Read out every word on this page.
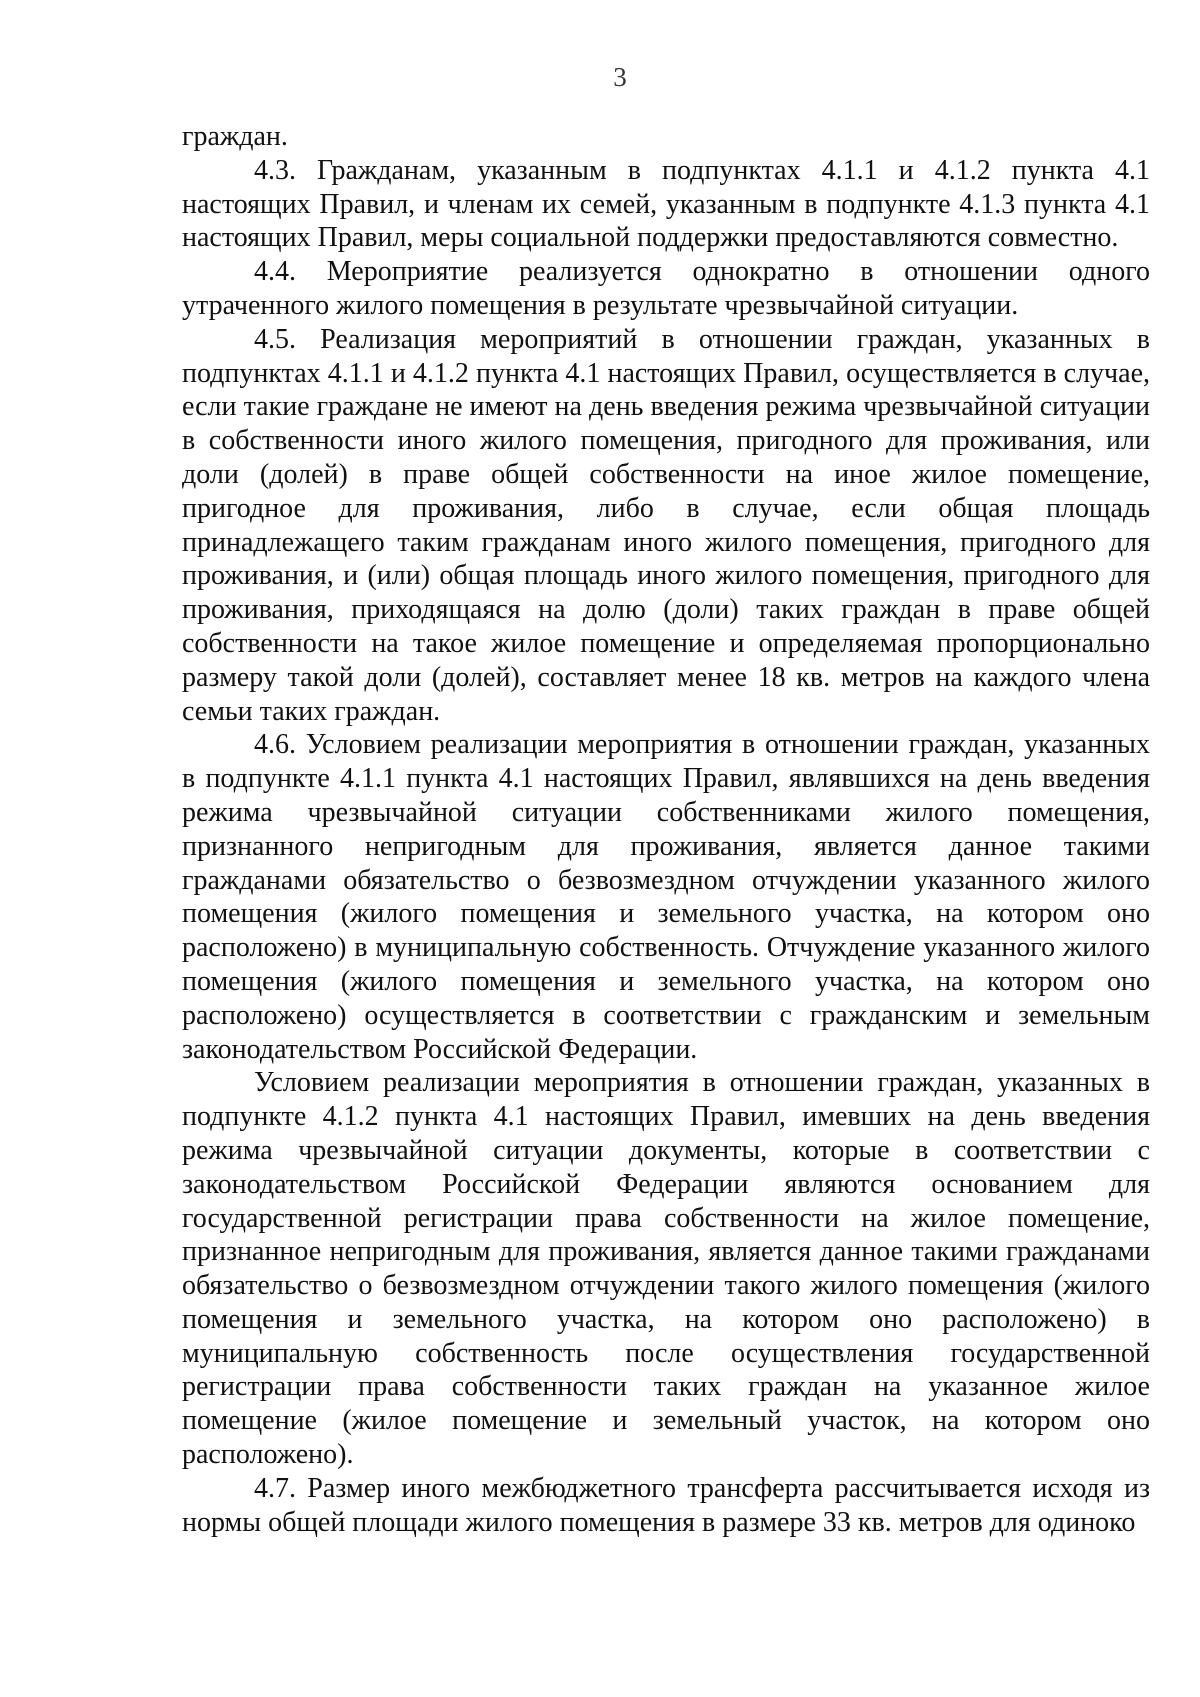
3

граждан.

4.3. Гражданам, указанным в подпунктах 4.1.1 и 4.1.2 пункта 4.1 настоящих Правил, и членам их семей, указанным в подпункте 4.1.3 пункта 4.1 настоящих Правил, меры социальной поддержки предоставляются совместно.

4.4. Мероприятие реализуется однократно в отношении одного утраченного жилого помещения в результате чрезвычайной ситуации.

4.5. Реализация мероприятий в отношении граждан, указанных в подпунктах 4.1.1 и 4.1.2 пункта 4.1 настоящих Правил, осуществляется в случае, если такие граждане не имеют на день введения режима чрезвычайной ситуации в собственности иного жилого помещения, пригодного для проживания, или доли (долей) в праве общей собственности на иное жилое помещение, пригодное для проживания, либо в случае, если общая площадь принадлежащего таким гражданам иного жилого помещения, пригодного для проживания, и (или) общая площадь иного жилого помещения, пригодного для проживания, приходящаяся на долю (доли) таких граждан в праве общей собственности на такое жилое помещение и определяемая пропорционально размеру такой доли (долей), составляет менее 18 кв. метров на каждого члена семьи таких граждан.

4.6. Условием реализации мероприятия в отношении граждан, указанных в подпункте 4.1.1 пункта 4.1 настоящих Правил, являвшихся на день введения режима чрезвычайной ситуации собственниками жилого помещения, признанного непригодным для проживания, является данное такими гражданами обязательство о безвозмездном отчуждении указанного жилого помещения (жилого помещения и земельного участка, на котором оно расположено) в муниципальную собственность. Отчуждение указанного жилого помещения (жилого помещения и земельного участка, на котором оно расположено) осуществляется в соответствии с гражданским и земельным законодательством Российской Федерации.

Условием реализации мероприятия в отношении граждан, указанных в подпункте 4.1.2 пункта 4.1 настоящих Правил, имевших на день введения режима чрезвычайной ситуации документы, которые в соответствии с законодательством Российской Федерации являются основанием для государственной регистрации права собственности на жилое помещение, признанное непригодным для проживания, является данное такими гражданами обязательство о безвозмездном отчуждении такого жилого помещения (жилого помещения и земельного участка, на котором оно расположено) в муниципальную собственность после осуществления государственной регистрации права собственности таких граждан на указанное жилое помещение (жилое помещение и земельный участок, на котором оно расположено).

4.7. Размер иного межбюджетного трансферта рассчитывается исходя из нормы общей площади жилого помещения в размере 33 кв. метров для одиноко
